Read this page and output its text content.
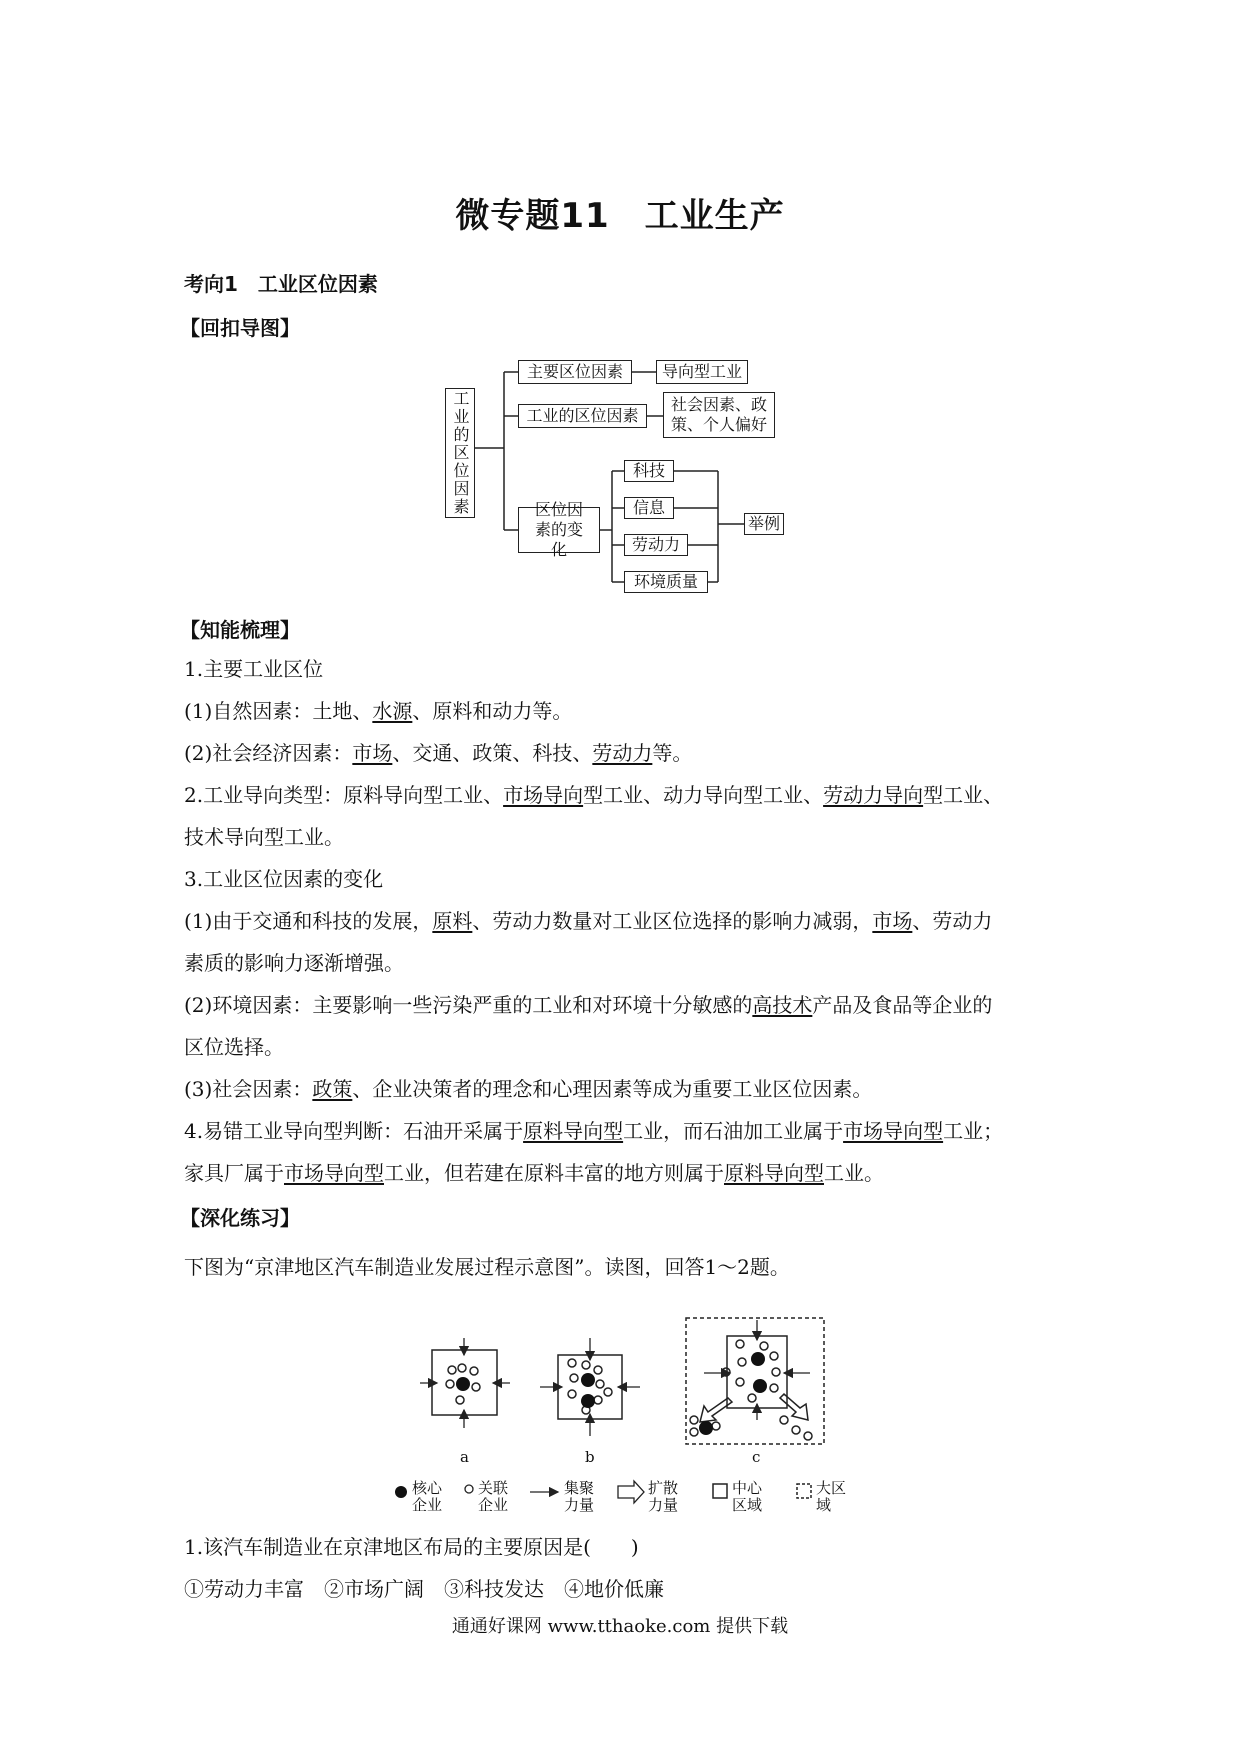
微专题11　工业生产
考向1　工业区位因素
【回扣导图】
工业的区位因素
主要区位因素	导向型工业
工业的区位因素
社会因素、政策、个人偏好
区位因素的变化
科技
信息
劳动力
环境质量
举例
【知能梳理】
1.主要工业区位
(1)自然因素：土地、水源、原料和动力等。
(2)社会经济因素：市场、交通、政策、科技、劳动力等。
2.工业导向类型：原料导向型工业、市场导向型工业、动力导向型工业、劳动力导向型工业、
技术导向型工业。
3.工业区位因素的变化
(1)由于交通和科技的发展，原料、劳动力数量对工业区位选择的影响力减弱，市场、劳动力
素质的影响力逐渐增强。
(2)环境因素：主要影响一些污染严重的工业和对环境十分敏感的高技术产品及食品等企业的
区位选择。
(3)社会因素：政策、企业决策者的理念和心理因素等成为重要工业区位因素。
4.易错工业导向型判断：石油开采属于原料导向型工业，而石油加工业属于市场导向型工业；
家具厂属于市场导向型工业，但若建在原料丰富的地方则属于原料导向型工业。
【深化练习】
下图为“京津地区汽车制造业发展过程示意图”。读图，回答1～2题。
a	b	c
核心
企业
关联
企业
集聚
力量
扩散
力量
中心
区域
大区
域
1.该汽车制造业在京津地区布局的主要原因是(　　)
①劳动力丰富　②市场广阔　③科技发达　④地价低廉
通通好课网 www.tthaoke.com 提供下载
